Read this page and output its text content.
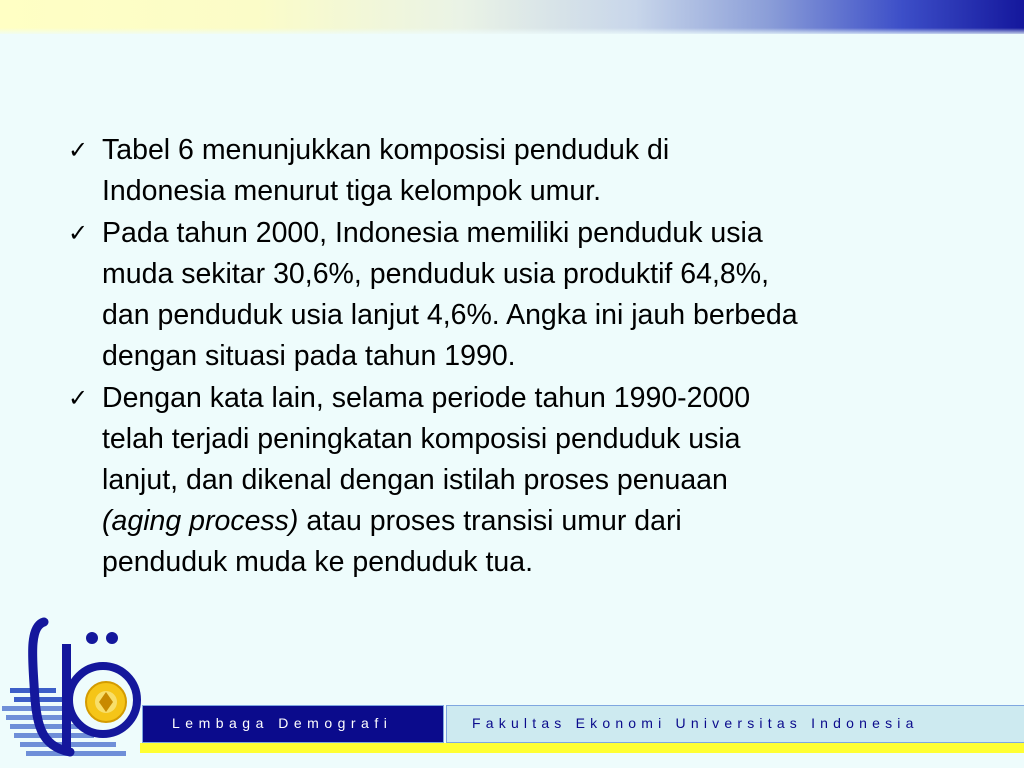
✓ Tabel 6 menunjukkan komposisi penduduk di
Indonesia menurut tiga kelompok umur.
✓ Pada tahun 2000, Indonesia memiliki penduduk usia
muda sekitar 30,6%, penduduk usia produktif 64,8%,
dan penduduk usia lanjut 4,6%. Angka ini jauh berbeda
dengan situasi pada tahun 1990.
✓ Dengan kata lain, selama periode tahun 1990-2000
telah terjadi peningkatan komposisi penduduk usia
lanjut, dan dikenal dengan istilah proses penuaan
(aging process) atau proses transisi umur dari
penduduk muda ke penduduk tua.
Lembaga Demografi	Fakultas Ekonomi Universitas Indonesia
